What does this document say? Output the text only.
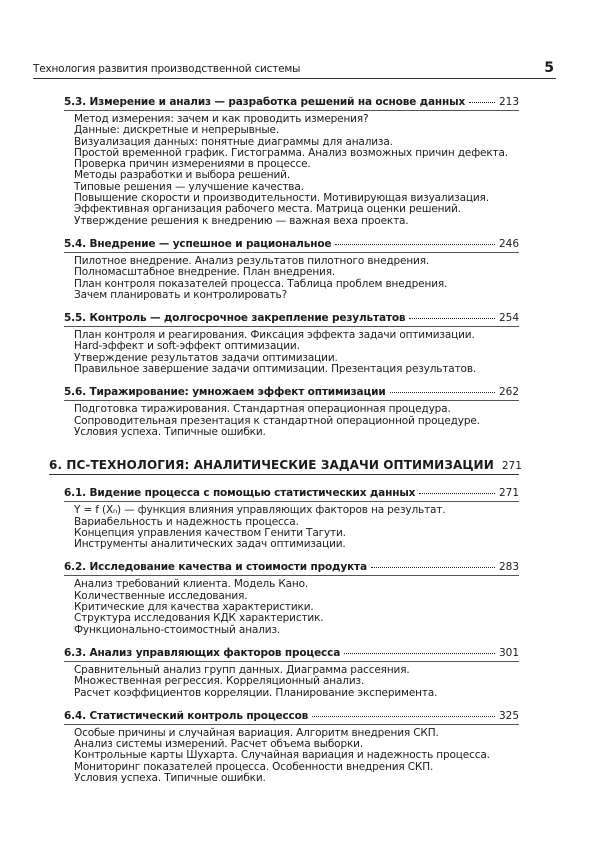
Технология развития производственной системы	5
5.3. Измерение и анализ — разработка решений на основе данных	213
Метод измерения: зачем и как проводить измерения?
Данные: дискретные и непрерывные.
Визуализация данных: понятные диаграммы для анализа.
Простой временной график. Гистограмма. Анализ возможных причин дефекта.
Проверка причин измерениями в процессе.
Методы разработки и выбора решений.
Типовые решения — улучшение качества.
Повышение скорости и производительности. Мотивирующая визуализация.
Эффективная организация рабочего места. Матрица оценки решений.
Утверждение решения к внедрению — важная веха проекта.
5.4. Внедрение — успешное и рациональное	246
Пилотное внедрение. Анализ результатов пилотного внедрения.
Полномасштабное внедрение. План внедрения.
План контроля показателей процесса. Таблица проблем внедрения.
Зачем планировать и контролировать?
5.5. Контроль — долгосрочное закрепление результатов	254
План контроля и реагирования. Фиксация эффекта задачи оптимизации.
Hard-эффект и soft-эффект оптимизации.
Утверждение результатов задачи оптимизации.
Правильное завершение задачи оптимизации. Презентация результатов.
5.6. Тиражирование: умножаем эффект оптимизации	262
Подготовка тиражирования. Стандартная операционная процедура.
Сопроводительная презентация к стандартной операционной процедуре.
Условия успеха. Типичные ошибки.
6. ПС-ТЕХНОЛОГИЯ: АНАЛИТИЧЕСКИЕ ЗАДАЧИ ОПТИМИЗАЦИИ 271
6.1. Видение процесса с помощью статистических данных	271
Y = f (Xₙ) — функция влияния управляющих факторов на результат.
Вариабельность и надежность процесса.
Концепция управления качеством Генити Тагути.
Инструменты аналитических задач оптимизации.
6.2. Исследование качества и стоимости продукта	283
Анализ требований клиента. Модель Кано.
Количественные исследования.
Критические для качества характеристики.
Структура исследования КДК характеристик.
Функционально-стоимостный анализ.
6.3. Анализ управляющих факторов процесса	301
Сравнительный анализ групп данных. Диаграмма рассеяния.
Множественная регрессия. Корреляционный анализ.
Расчет коэффициентов корреляции. Планирование эксперимента.
6.4. Статистический контроль процессов	325
Особые причины и случайная вариация. Алгоритм внедрения СКП.
Анализ системы измерений. Расчет объема выборки.
Контрольные карты Шухарта. Случайная вариация и надежность процесса.
Мониторинг показателей процесса. Особенности внедрения СКП.
Условия успеха. Типичные ошибки.
